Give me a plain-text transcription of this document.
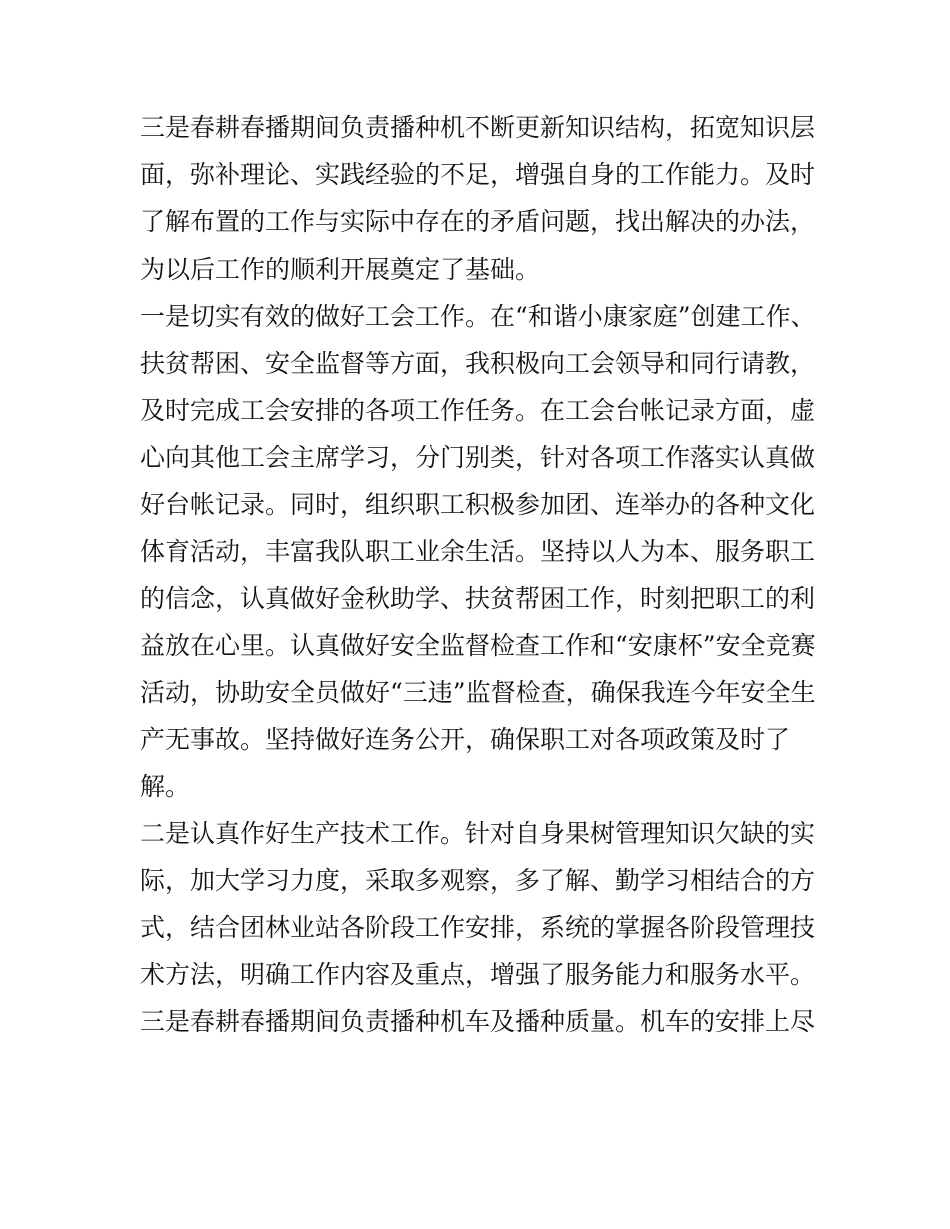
三是春耕春播期间负责播种机不断更新知识结构，拓宽知识层
面，弥补理论、实践经验的不足，增强自身的工作能力。及时
了解布置的工作与实际中存在的矛盾问题，找出解决的办法，
为以后工作的顺利开展奠定了基础。
一是切实有效的做好工会工作。在“和谐小康家庭”创建工作、
扶贫帮困、安全监督等方面，我积极向工会领导和同行请教，
及时完成工会安排的各项工作任务。在工会台帐记录方面，虚
心向其他工会主席学习，分门别类，针对各项工作落实认真做
好台帐记录。同时，组织职工积极参加团、连举办的各种文化
体育活动，丰富我队职工业余生活。坚持以人为本、服务职工
的信念，认真做好金秋助学、扶贫帮困工作，时刻把职工的利
益放在心里。认真做好安全监督检查工作和“安康杯”安全竞赛
活动，协助安全员做好“三违”监督检查，确保我连今年安全生
产无事故。坚持做好连务公开，确保职工对各项政策及时了
解。
二是认真作好生产技术工作。针对自身果树管理知识欠缺的实
际，加大学习力度，采取多观察，多了解、勤学习相结合的方
式，结合团林业站各阶段工作安排，系统的掌握各阶段管理技
术方法，明确工作内容及重点，增强了服务能力和服务水平。
三是春耕春播期间负责播种机车及播种质量。机车的安排上尽
